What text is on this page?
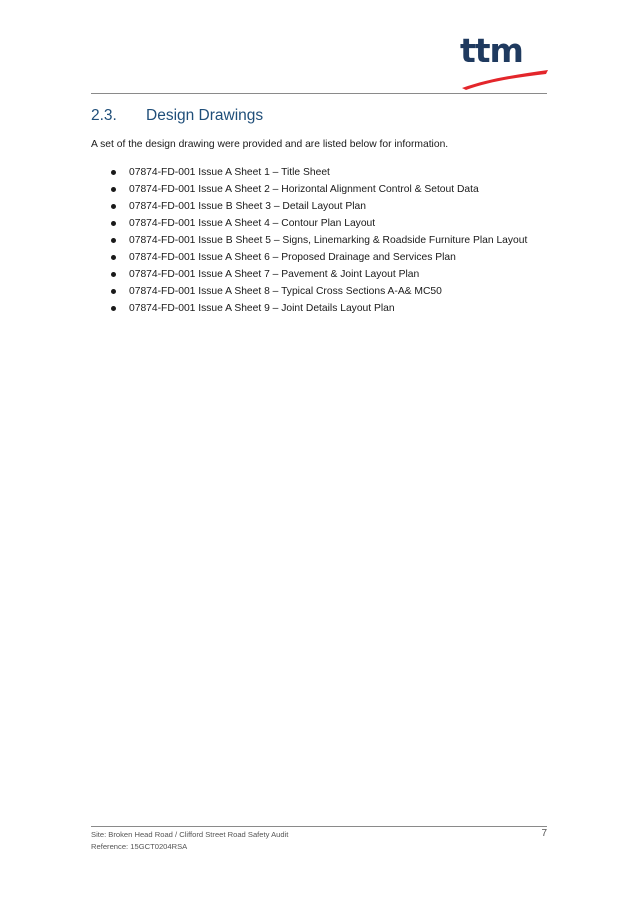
ttm
2.3. Design Drawings
A set of the design drawing were provided and are listed below for information.
07874-FD-001 Issue A Sheet 1 – Title Sheet
07874-FD-001 Issue A Sheet 2 – Horizontal Alignment Control & Setout Data
07874-FD-001 Issue B Sheet 3 – Detail Layout Plan
07874-FD-001 Issue A Sheet 4 – Contour Plan Layout
07874-FD-001 Issue B Sheet 5 – Signs, Linemarking & Roadside Furniture Plan Layout
07874-FD-001 Issue A Sheet 6 – Proposed Drainage and Services Plan
07874-FD-001 Issue A Sheet 7 – Pavement & Joint Layout Plan
07874-FD-001 Issue A Sheet 8 – Typical Cross Sections A-A& MC50
07874-FD-001 Issue A Sheet 9 – Joint Details Layout Plan
Site: Broken Head Road / Clifford Street Road Safety Audit
Reference: 15GCT0204RSA
7
